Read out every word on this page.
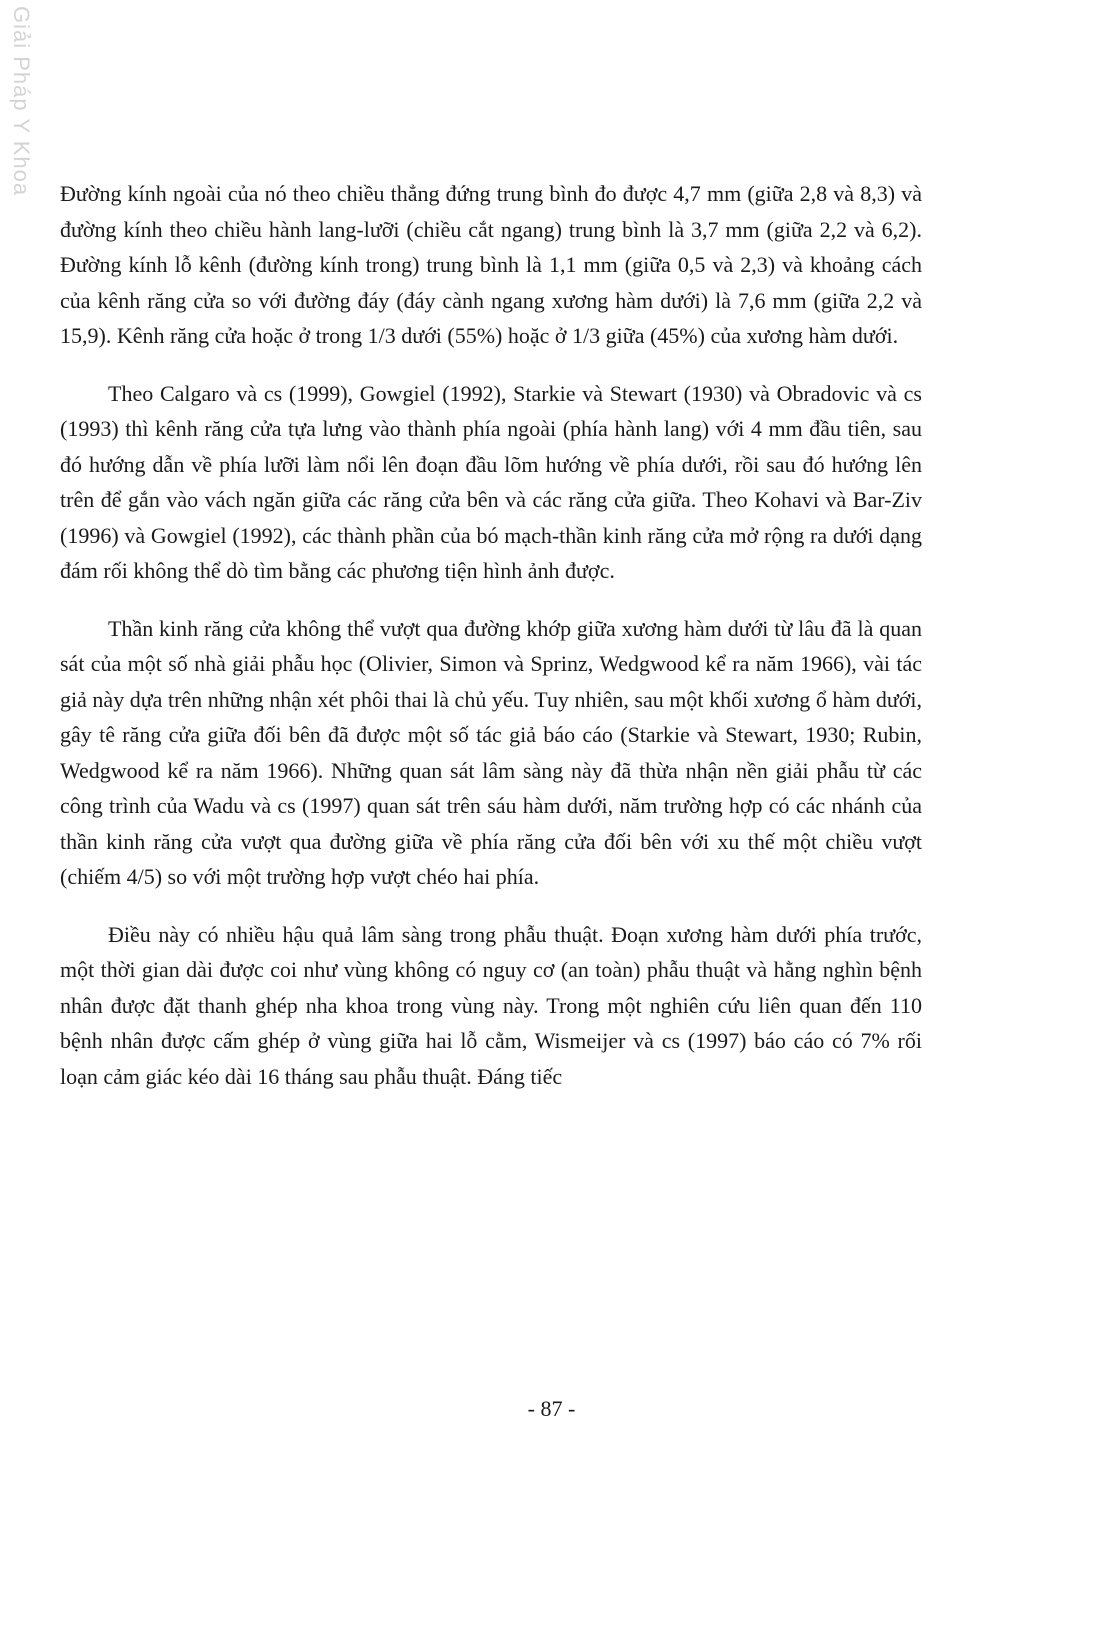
Giải Pháp Y Khoa Đường kính ngoài của nó theo chiều thẳng đứng trung bình đo được 4,7 mm (giữa 2,8 và 8,3) và đường kính theo chiều hành lang-lưỡi (chiều cắt ngang) trung bình là 3,7 mm (giữa 2,2 và 6,2). Đường kính lỗ kênh (đường kính trong) trung bình là 1,1 mm (giữa 0,5 và 2,3) và khoảng cách của kênh răng cửa so với đường đáy (đáy cành ngang xương hàm dưới) là 7,6 mm (giữa 2,2 và 15,9). Kênh răng cửa hoặc ở trong 1/3 dưới (55%) hoặc ở 1/3 giữa (45%) của xương hàm dưới.

Theo Calgaro và cs (1999), Gowgiel (1992), Starkie và Stewart (1930) và Obradovic và cs (1993) thì kênh răng cửa tựa lưng vào thành phía ngoài (phía hành lang) với 4 mm đầu tiên, sau đó hướng dẫn về phía lưỡi làm nổi lên đoạn đầu lõm hướng về phía dưới, rồi sau đó hướng lên trên để gắn vào vách ngăn giữa các răng cửa bên và các răng cửa giữa. Theo Kohavi và Bar-Ziv (1996) và Gowgiel (1992), các thành phần của bó mạch-thần kinh răng cửa mở rộng ra dưới dạng đám rối không thể dò tìm bằng các phương tiện hình ảnh được.

Thần kinh răng cửa không thể vượt qua đường khớp giữa xương hàm dưới từ lâu đã là quan sát của một số nhà giải phẫu học (Olivier, Simon và Sprinz, Wedgwood kể ra năm 1966), vài tác giả này dựa trên những nhận xét phôi thai là chủ yếu. Tuy nhiên, sau một khối xương ổ hàm dưới, gây tê răng cửa giữa đối bên đã được một số tác giả báo cáo (Starkie và Stewart, 1930; Rubin, Wedgwood kể ra năm 1966). Những quan sát lâm sàng này đã thừa nhận nền giải phẫu từ các công trình của Wadu và cs (1997) quan sát trên sáu hàm dưới, năm trường hợp có các nhánh của thần kinh răng cửa vượt qua đường giữa về phía răng cửa đối bên với xu thế một chiều vượt (chiếm 4/5) so với một trường hợp vượt chéo hai phía.

Điều này có nhiều hậu quả lâm sàng trong phẫu thuật. Đoạn xương hàm dưới phía trước, một thời gian dài được coi như vùng không có nguy cơ (an toàn) phẫu thuật và hằng nghìn bệnh nhân được đặt thanh ghép nha khoa trong vùng này. Trong một nghiên cứu liên quan đến 110 bệnh nhân được cấm ghép ở vùng giữa hai lỗ cằm, Wismeijer và cs (1997) báo cáo có 7% rối loạn cảm giác kéo dài 16 tháng sau phẫu thuật. Đáng tiếc

- 87 -
